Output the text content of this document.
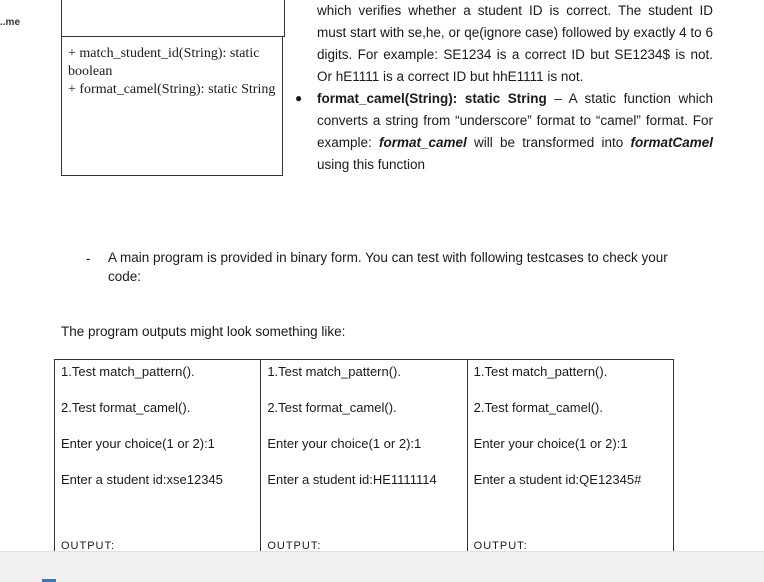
..me
+ match_student_id(String): static boolean
+ format_camel(String): static String

which verifies whether a student ID is correct. The student ID must start with se,he, or qe(ignore case) followed by exactly 4 to 6 digits. For example: SE1234 is a correct ID but SE1234$ is not. Or hE1111 is a correct ID but hhE1111 is not.

format_camel(String): static String – A static function which converts a string from “underscore” format to “camel” format. For example: format_camel will be transformed into formatCamel using this function

●
- A main program is provided in binary form. You can test with following testcases to check your code:
The program outputs might look something like:
1.Test match_pattern().
2.Test format_camel().
Enter your choice(1 or 2):1
Enter a student id:xse12345
OUTPUT:
1.Test match_pattern().
2.Test format_camel().
Enter your choice(1 or 2):1
Enter a student id:HE1111114
OUTPUT:
1.Test match_pattern().
2.Test format_camel().
Enter your choice(1 or 2):1
Enter a student id:QE12345#
OUTPUT:
